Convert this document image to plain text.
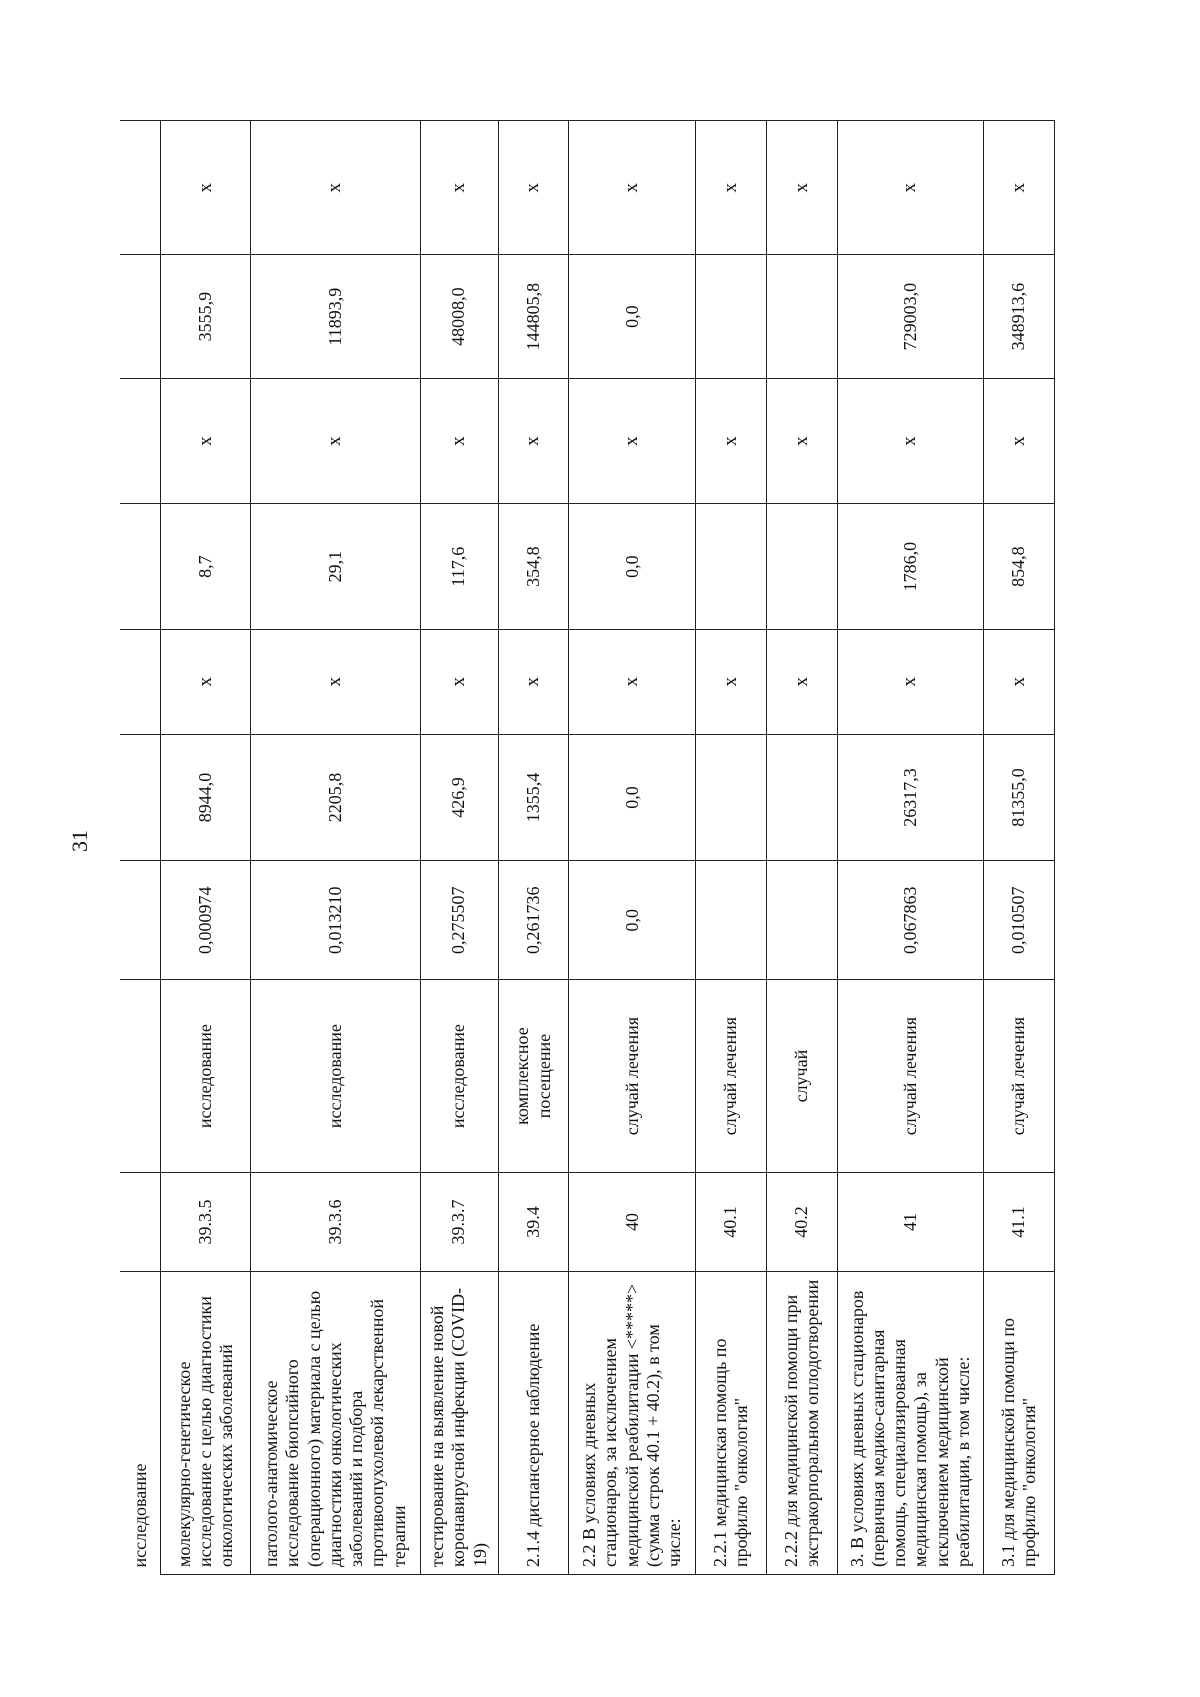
31
исследование									
молекулярно-генетическое исследование с целью диагностики онкологических заболеваний	39.3.5	исследование	0,000974	8944,0	х	8,7	х	3555,9	х
патолого-анатомическое исследование биопсийного (операционного) материала с целью диагностики онкологических заболеваний и подбора противоопухолевой лекарственной терапии	39.3.6	исследование	0,013210	2205,8	х	29,1	х	11893,9	х
тестирование на выявление новой коронавирусной инфекции (COVID-19)	39.3.7	исследование	0,275507	426,9	х	117,6	х	48008,0	х
2.1.4 диспансерное наблюдение	39.4	комплексное посещение	0,261736	1355,4	х	354,8	х	144805,8	х
2.2 В условиях дневных стационаров, за исключением медицинской реабилитации <*****> (сумма строк 40.1 + 40.2), в том числе:	40	случай лечения	0,0	0,0	х	0,0	х	0,0	х
2.2.1 медицинская помощь по профилю "онкология"	40.1	случай лечения			х		х		х
2.2.2 для медицинской помощи при экстракорпоральном оплодотворении	40.2	случай			х		х		х
3. В условиях дневных стационаров (первичная медико-санитарная помощь, специализированная медицинская помощь), за исключением медицинской реабилитации, в том числе:	41	случай лечения	0,067863	26317,3	х	1786,0	х	729003,0	х
3.1 для медицинской помощи по профилю "онкология"	41.1	случай лечения	0,010507	81355,0	х	854,8	х	348913,6	х
